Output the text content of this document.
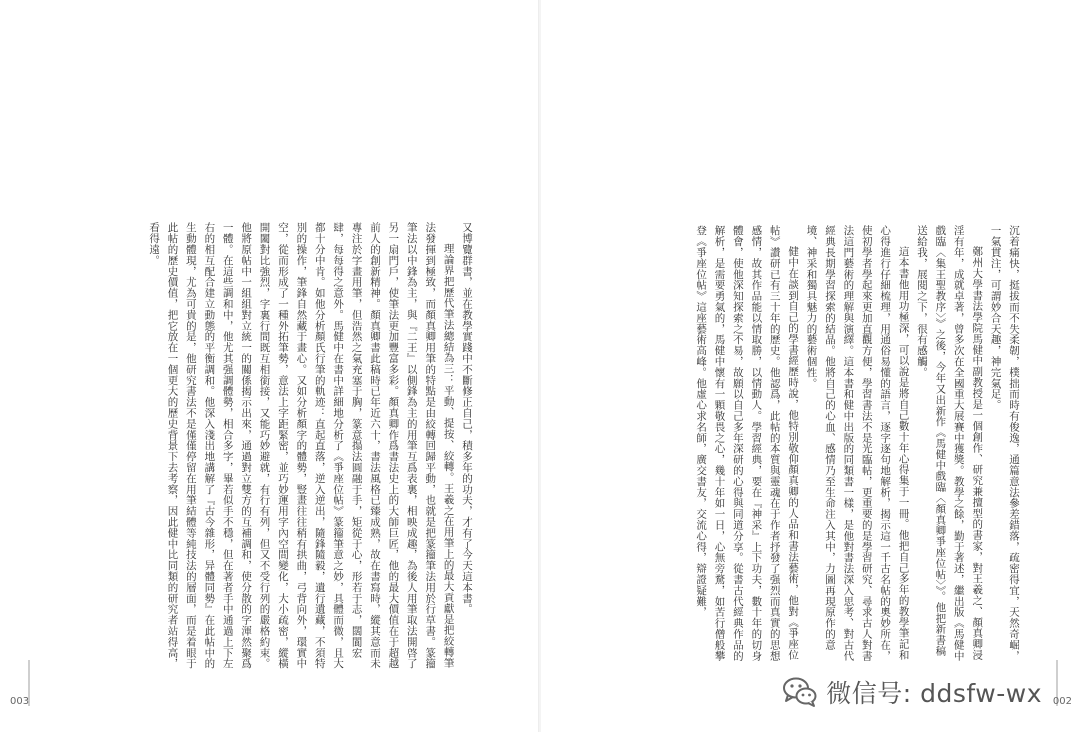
又博覽群書，並在教學實踐中不斷修正自己，積多年的功夫，才有了今天這本書。

理論界把歷代筆法總結為三：平動、提按、絞轉。王羲之在用筆上的最大貢獻是把絞轉筆法發揮到極致，而顏真卿用筆的特點是由絞轉回歸平動，也就是把篆籀筆法用於行草書。篆籀筆法以中鋒為主，與『二王』以側鋒為主的用筆互爲表裏，相映成趣，為後人用筆取法開啓了另一扇門戶，使筆法更加豐富多彩。顏真卿作爲書法史上的大師巨匠，他的最大價值在于超越前人的創新精神。顏真卿書此稿時已年近六十，書法風格已臻成熟，故在書寫時，縱其意而未專注於字畫用筆，但浩然之氣充塞于胸，篆意搨法圓融于手，矩從于心，形若于志，闊閬宏肆，每每得之意外。馬健中在書中詳細地分析了《爭座位帖》篆籀筆意之妙，具體而微，且大都十分中肯。如他分析顏氏行筆的軌迹：直起直落，逆入逆出，隨鋒隨毅，遺行遺藏，不須特別的操作，筆鋒自然藏于畫心。又如分析顏字的體勢，豎畫往往稍有拱曲，弓背向外，環實中空，從而形成了一種外拓筆勢，意法上字距緊密，並巧妙運用字內空間變化，大小疏密，縱橫開闔對比強烈，字裏行間既互相銜接，又能巧妙避就，有行有列，但又不受行列的嚴格約束。他將原帖中一組組對立統一的關係揭示出來，通過對立雙方的互補調和，使分散的字渾然聚爲一體。在這些調和中，他尤其强調體勢，相合多字，畢若似手不穩，但在著者手中通過上下左右的相互配合建立動態的平衡調和。他深入淺出地講解了『古今雜形，异體同勢』在此帖中的生動體現，尤為可貴的是，他研究書法不是僅僅停留在用筆結體等純技法的層面，而是着眼于此帖的歷史價值，把它放在一個更大的歷史背景下去考察，因此健中比同類的研究者站得高，看得遠。

003

沉着痛快，挺拔而不失柔韌，樸拙而時有俊逸，通篇意法參差錯落，疏密得宜，天然奇崛，一氣貫注，可謂妙合天趣，神完氣足。

鄭州大學書法學院馬健中副教授是一個創作、研究兼擅型的書家，對王羲之、顏真卿浸淫有年，成就卓著，曾多次在全國重大展賽中獲獎。教學之餘，勤于著述，繼出版《馬健中戲臨〈集王聖教序〉》之後，今年又出新作《馬健中戲臨〈顏真卿爭座位帖〉》。他把新書稿送給我，展閱之下，很有感觸。

這本書他用功極深，可以說是將自己數十年心得集于一冊。他把自己多年的教學筆記和心得進行仔細梳理，用通俗易懂的語言，逐字逐句地解析，揭示這一千古名帖的奧妙所在，使初學者學起來更加直觀方便，學習書法不是光臨帖，更重要的是學習研究、尋求古人對書法這門藝術的理解與演繹。這本書和健中出版的同類書一樣，是他對書法深入思考、對古代經典長期學習探索的結晶。他將自己的心血、感情乃至生命注入其中，力圖再現原作的意境、神采和獨具魅力的藝術個性。

健中在談到自己的學書經歷時說，他特別敬仰顏真卿的人品和書法藝術，他對《爭座位帖》讚研已有三十年的歷史。他認爲，此帖的本質與靈魂在于作者抒發了强烈而真實的思想感情，故其作品能以情取勝，以情動人。學習經典，要在『神采』上下功夫，數十年的切身體會，使他深知探索之不易，故願以自己多年深研的心得與同道分享。從書古代經典作品的解析，是需要勇氣的，馬健中懷有一顆敬畏之心，幾十年如一日，心無旁騖，如苦行僧般攀登《爭座位帖》這座藝術高峰。他虛心求名師，廣交書友，交流心得，辯證疑難，

002
微信号: ddsfw-wx
